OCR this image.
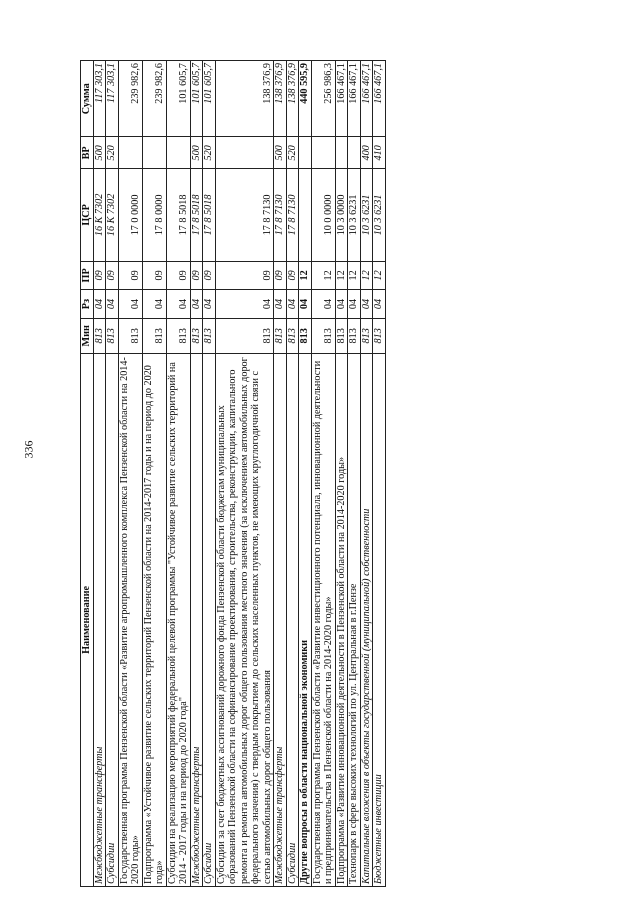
336
Наименование	Мин	Рз	ПР	ЦСР	ВР	Сумма
Межбюджетные трансферты	813	04	09	16 К 7302	500	117 303,1
Субсидии	813	04	09	16 К 7302	520	117 303,1
Государственная программа Пензенской области «Развитие агропромышленного комплекса Пензенской области на 2014-2020 годы»	813	04	09	17 0 0000		239 982,6
Подпрограмма «Устойчивое развитие сельских территорий Пензенской области на 2014-2017 годы и на период до 2020 года»	813	04	09	17 8 0000		239 982,6
Субсидии на реализацию мероприятий федеральной целевой программы "Устойчивое развитие сельских территорий на 2014 - 2017 годы и на период до 2020 года"	813	04	09	17 8 5018		101 605,7
Межбюджетные трансферты	813	04	09	17 8 5018	500	101 605,7
Субсидии	813	04	09	17 8 5018	520	101 605,7
Субсидии за счет бюджетных ассигнований дорожного фонда Пензенской области бюджетам муниципальных образований Пензенской области на софинансирование проектирования, строительства, реконструкции, капитального ремонта и ремонта автомобильных дорог общего пользования местного значения (за исключением автомобильных дорог федерального значения) с твердым покрытием до сельских населенных пунктов, не имеющих круглогодичной связи с сетью автомобильных дорог общего пользования	813	04	09	17 8 7130		138 376,9
Межбюджетные трансферты	813	04	09	17 8 7130	500	138 376,9
Субсидии	813	04	09	17 8 7130	520	138 376,9
Другие вопросы в области национальной экономики	813	04	12			440 595,9
Государственная программа Пензенской области «Развитие инвестиционного потенциала, инновационной деятельности и предпринимательства в Пензенской области на 2014-2020 годы»	813	04	12	10 0 0000		256 986,3
Подпрограмма «Развитие инновационной деятельности в Пензенской области на 2014-2020 годы»	813	04	12	10 3 0000		166 467,1
Технопарк в сфере высоких технологий по ул. Центральная в г.Пензе	813	04	12	10 3 6231		166 467,1
Капитальные вложения в объекты государственной (муниципальной) собственности	813	04	12	10 3 6231	400	166 467,1
Бюджетные инвестиции	813	04	12	10 3 6231	410	166 467,1
